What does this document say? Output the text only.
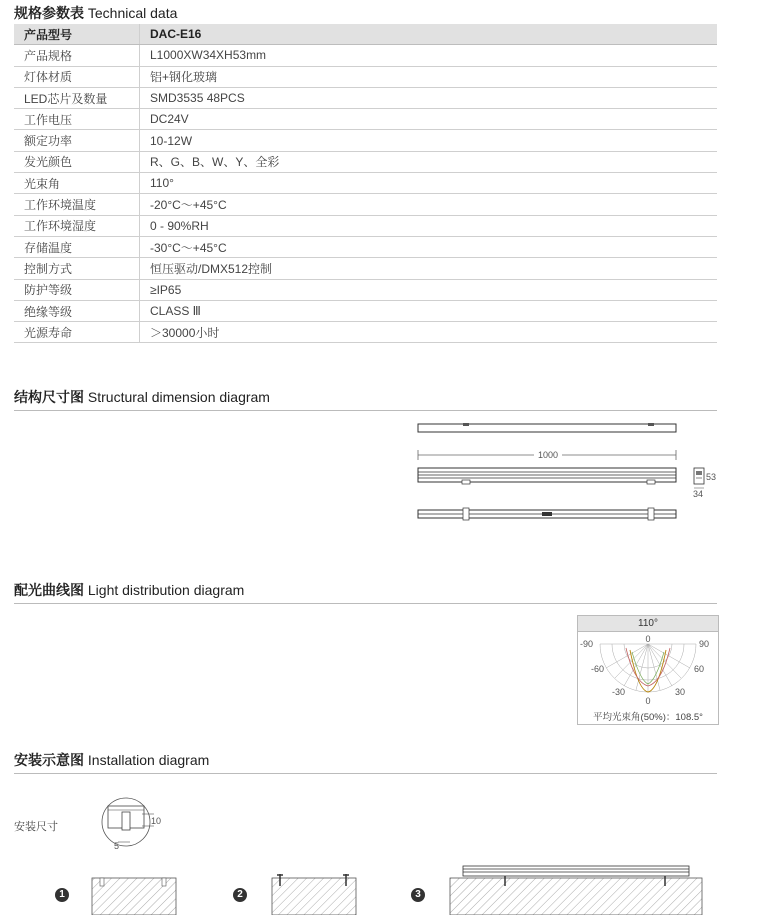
规格参数表 Technical data
产品型号	DAC-E16
产品规格	L1000XW34XH53mm
灯体材质	铝+钢化玻璃
LED芯片及数量	SMD3535 48PCS
工作电压	DC24V
额定功率	10-12W
发光颜色	R、G、B、W、Y、全彩
光束角	110°
工作环境温度	-20°C～+45°C
工作环境湿度	0 - 90%RH
存储温度	-30°C～+45°C
控制方式	恒压驱动/DMX512控制
防护等级	≥IP65
绝缘等级	CLASS Ⅲ
光源寿命	＞30000小时
结构尺寸图 Structural dimension diagram
1000
53
34
配光曲线图 Light distribution diagram
110°
0
-90	90
-60	60
-30	30
0
平均光束角(50%)：108.5°
安装示意图 Installation diagram
安装尺寸	10
5
1	2	3
